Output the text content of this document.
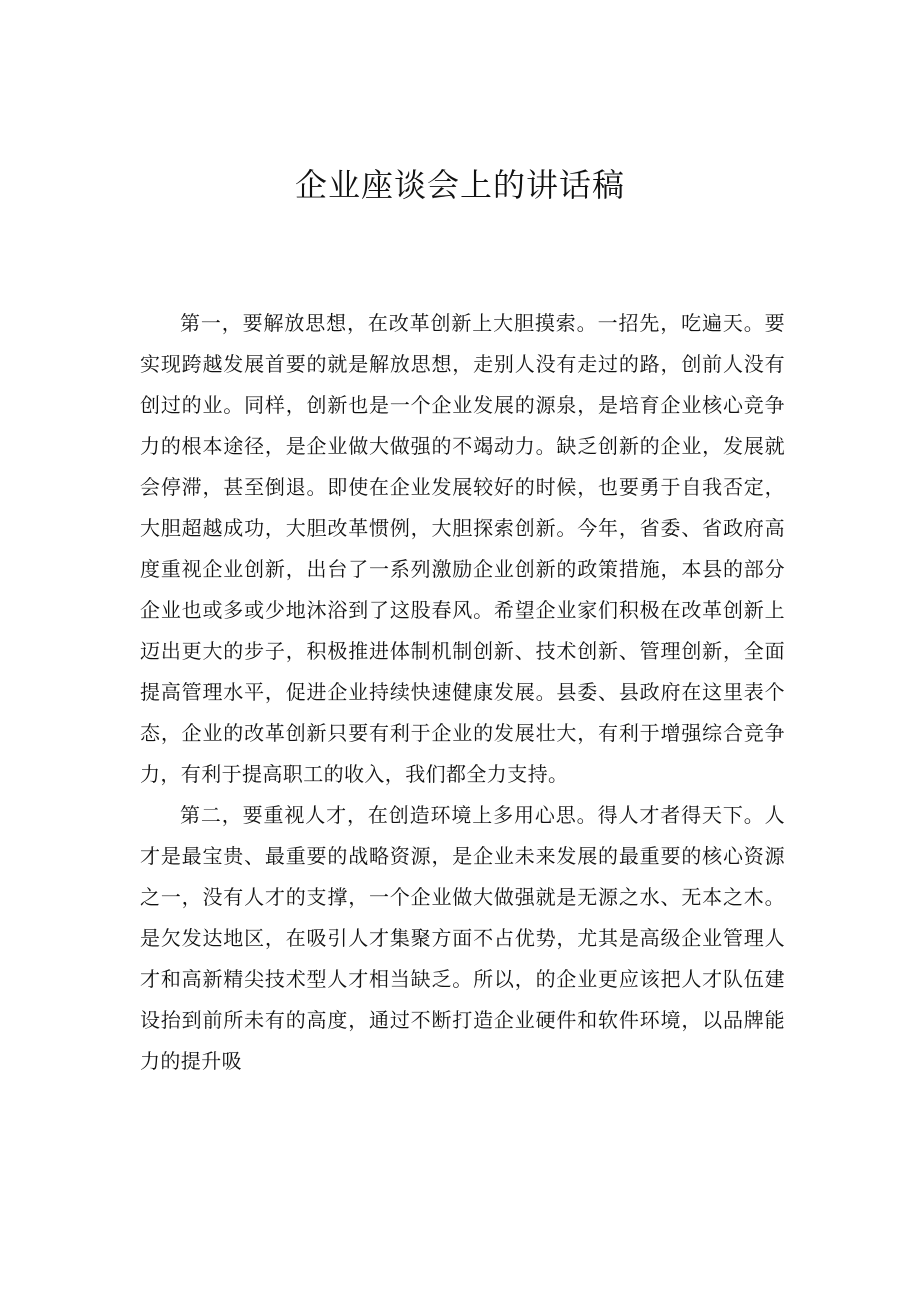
企业座谈会上的讲话稿

第一，要解放思想，在改革创新上大胆摸索。一招先，吃遍天。要实现跨越发展首要的就是解放思想，走别人没有走过的路，创前人没有创过的业。同样，创新也是一个企业发展的源泉，是培育企业核心竞争力的根本途径，是企业做大做强的不竭动力。缺乏创新的企业，发展就会停滞，甚至倒退。即使在企业发展较好的时候，也要勇于自我否定，大胆超越成功，大胆改革惯例，大胆探索创新。今年，省委、省政府高度重视企业创新，出台了一系列激励企业创新的政策措施，本县的部分企业也或多或少地沐浴到了这股春风。希望企业家们积极在改革创新上迈出更大的步子，积极推进体制机制创新、技术创新、管理创新，全面提高管理水平，促进企业持续快速健康发展。县委、县政府在这里表个态，企业的改革创新只要有利于企业的发展壮大，有利于增强综合竞争力，有利于提高职工的收入，我们都全力支持。

第二，要重视人才，在创造环境上多用心思。得人才者得天下。人才是最宝贵、最重要的战略资源，是企业未来发展的最重要的核心资源之一，没有人才的支撑，一个企业做大做强就是无源之水、无本之木。是欠发达地区，在吸引人才集聚方面不占优势，尤其是高级企业管理人才和高新精尖技术型人才相当缺乏。所以，的企业更应该把人才队伍建设抬到前所未有的高度，通过不断打造企业硬件和软件环境，以品牌能力的提升吸
